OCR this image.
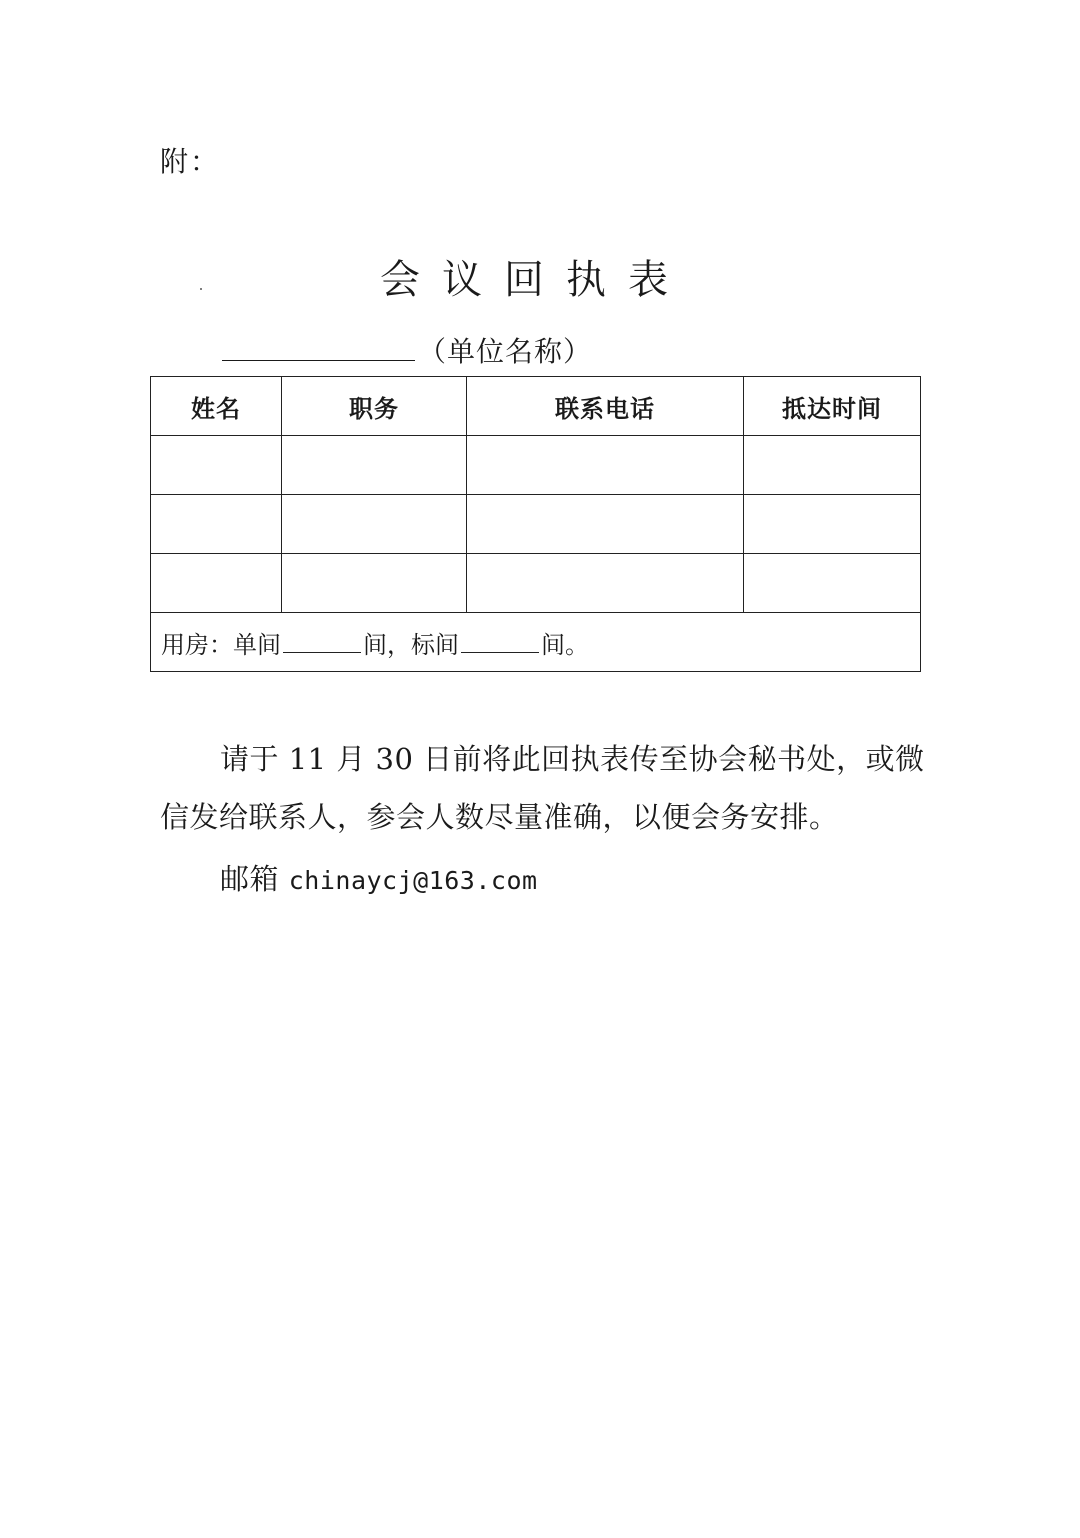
附：
会议回执表
（单位名称）
姓名	职务	联系电话	抵达时间

用房：单间 间，标间 间。			
请于 11 月 30 日前将此回执表传至协会秘书处，或微信发给联系人，参会人数尽量准确，以便会务安排。
邮箱 chinaycj@163.com
